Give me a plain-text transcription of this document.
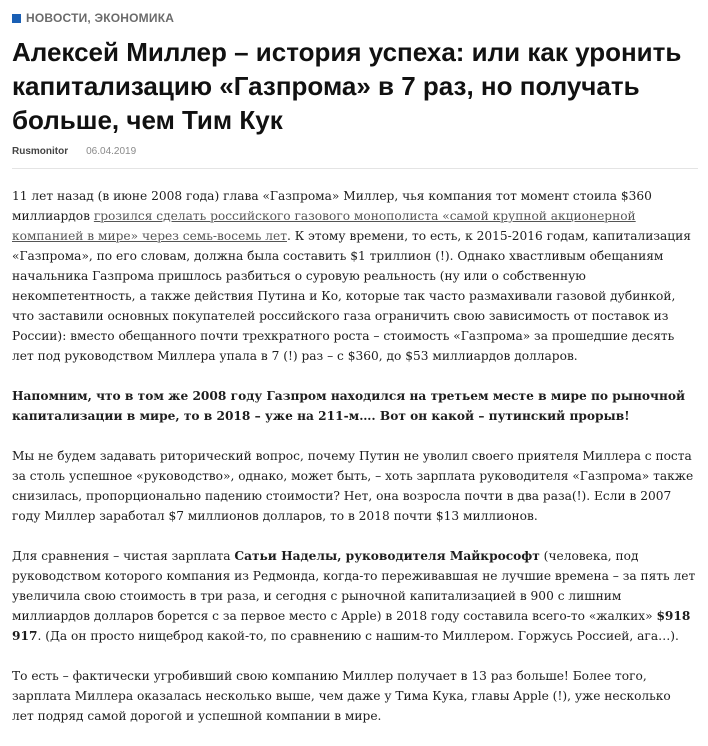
НОВОСТИ, ЭКОНОМИКА
Алексей Миллер – история успеха: или как уронить капитализацию «Газпрома» в 7 раз, но получать больше, чем Тим Кук
Rusmonitor 06.04.2019

11 лет назад (в июне 2008 года) глава «Газпрома» Миллер, чья компания тот момент стоила $360 миллиардов грозился сделать российского газового монополиста «самой крупной акционерной компанией в мире» через семь-восемь лет. К этому времени, то есть, к 2015-2016 годам, капитализация «Газпрома», по его словам, должна была составить $1 триллион (!). Однако хвастливым обещаниям начальника Газпрома пришлось разбиться о суровую реальность (ну или о собственную некомпетентность, а также действия Путина и Ко, которые так часто размахивали газовой дубинкой, что заставили основных покупателей российского газа ограничить свою зависимость от поставок из России): вместо обещанного почти трехкратного роста – стоимость «Газпрома» за прошедшие десять лет под руководством Миллера упала в 7 (!) раз – с $360, до $53 миллиардов долларов.

Напомним, что в том же 2008 году Газпром находился на третьем месте в мире по рыночной капитализации в мире, то в 2018 – уже на 211-м…. Вот он какой – путинский прорыв!

Мы не будем задавать риторический вопрос, почему Путин не уволил своего приятеля Миллера с поста за столь успешное «руководство», однако, может быть, – хоть зарплата руководителя «Газпрома» также снизилась, пропорционально падению стоимости? Нет, она возросла почти в два раза(!). Если в 2007 году Миллер заработал $7 миллионов долларов, то в 2018 почти $13 миллионов.

Для сравнения – чистая зарплата Сатьи Наделы, руководителя Майкрософт (человека, под руководством которого компания из Редмонда, когда-то переживавшая не лучшие времена – за пять лет увеличила свою стоимость в три раза, и сегодня с рыночной капитализацией в 900 с лишним миллиардов долларов борется с за первое место с Apple) в 2018 году составила всего-то «жалких» $918 917. (Да он просто нищеброд какой-то, по сравнению с нашим-то Миллером. Горжусь Россией, ага…).

То есть – фактически угробивший свою компанию Миллер получает в 13 раз больше! Более того, зарплата Миллера оказалась несколько выше, чем даже у Тима Кука, главы Apple (!), уже несколько лет подряд самой дорогой и успешной компании в мире.
